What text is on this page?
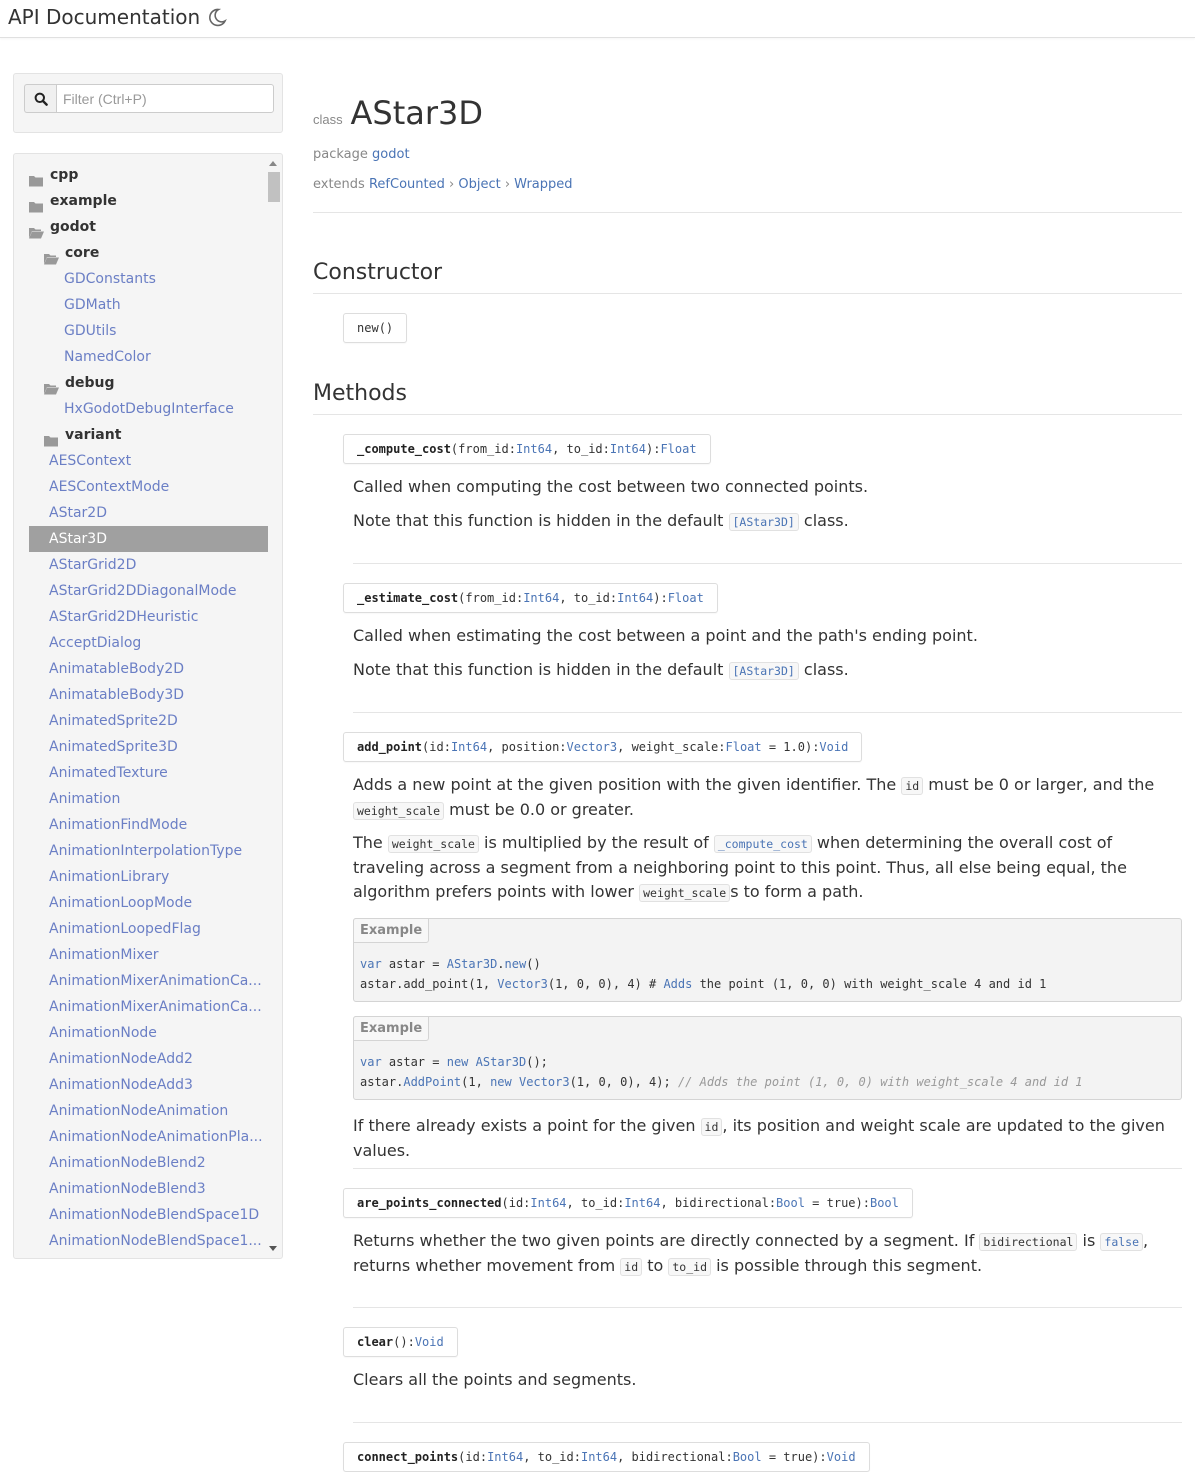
API Documentation
Filter (Ctrl+P)
cpp
example
godot
core
GDConstants
GDMath
GDUtils
NamedColor
debug
HxGodotDebugInterface
variant
AESContext
AESContextMode
AStar2D
AStar3D
AStarGrid2D
AStarGrid2DDiagonalMode
AStarGrid2DHeuristic
AcceptDialog
AnimatableBody2D
AnimatableBody3D
AnimatedSprite2D
AnimatedSprite3D
AnimatedTexture
Animation
AnimationFindMode
AnimationInterpolationType
AnimationLibrary
AnimationLoopMode
AnimationLoopedFlag
AnimationMixer
AnimationMixerAnimationCa...
AnimationMixerAnimationCa...
AnimationNode
AnimationNodeAdd2
AnimationNodeAdd3
AnimationNodeAnimation
AnimationNodeAnimationPla...
AnimationNodeBlend2
AnimationNodeBlend3
AnimationNodeBlendSpace1D
AnimationNodeBlendSpace1...
class AStar3D
package godot
extends RefCounted › Object › Wrapped
Constructor
new()
Methods
_compute_cost(from_id:Int64, to_id:Int64):Float
Called when computing the cost between two connected points.
Note that this function is hidden in the default [AStar3D] class.
_estimate_cost(from_id:Int64, to_id:Int64):Float
Called when estimating the cost between a point and the path's ending point.
Note that this function is hidden in the default [AStar3D] class.
add_point(id:Int64, position:Vector3, weight_scale:Float = 1.0):Void
Adds a new point at the given position with the given identifier. The id must be 0 or larger, and the weight_scale must be 0.0 or greater.
The weight_scale is multiplied by the result of _compute_cost when determining the overall cost of traveling across a segment from a neighboring point to this point. Thus, all else being equal, the algorithm prefers points with lower weight_scale s to form a path.
Example
var astar = AStar3D.new()
astar.add_point(1, Vector3(1, 0, 0), 4) # Adds the point (1, 0, 0) with weight_scale 4 and id 1
Example
var astar = new AStar3D();
astar.AddPoint(1, new Vector3(1, 0, 0), 4); // Adds the point (1, 0, 0) with weight_scale 4 and id 1
If there already exists a point for the given id , its position and weight scale are updated to the given values.
are_points_connected(id:Int64, to_id:Int64, bidirectional:Bool = true):Bool
Returns whether the two given points are directly connected by a segment. If bidirectional is false , returns whether movement from id to to_id is possible through this segment.
clear():Void
Clears all the points and segments.
connect_points(id:Int64, to_id:Int64, bidirectional:Bool = true):Void
